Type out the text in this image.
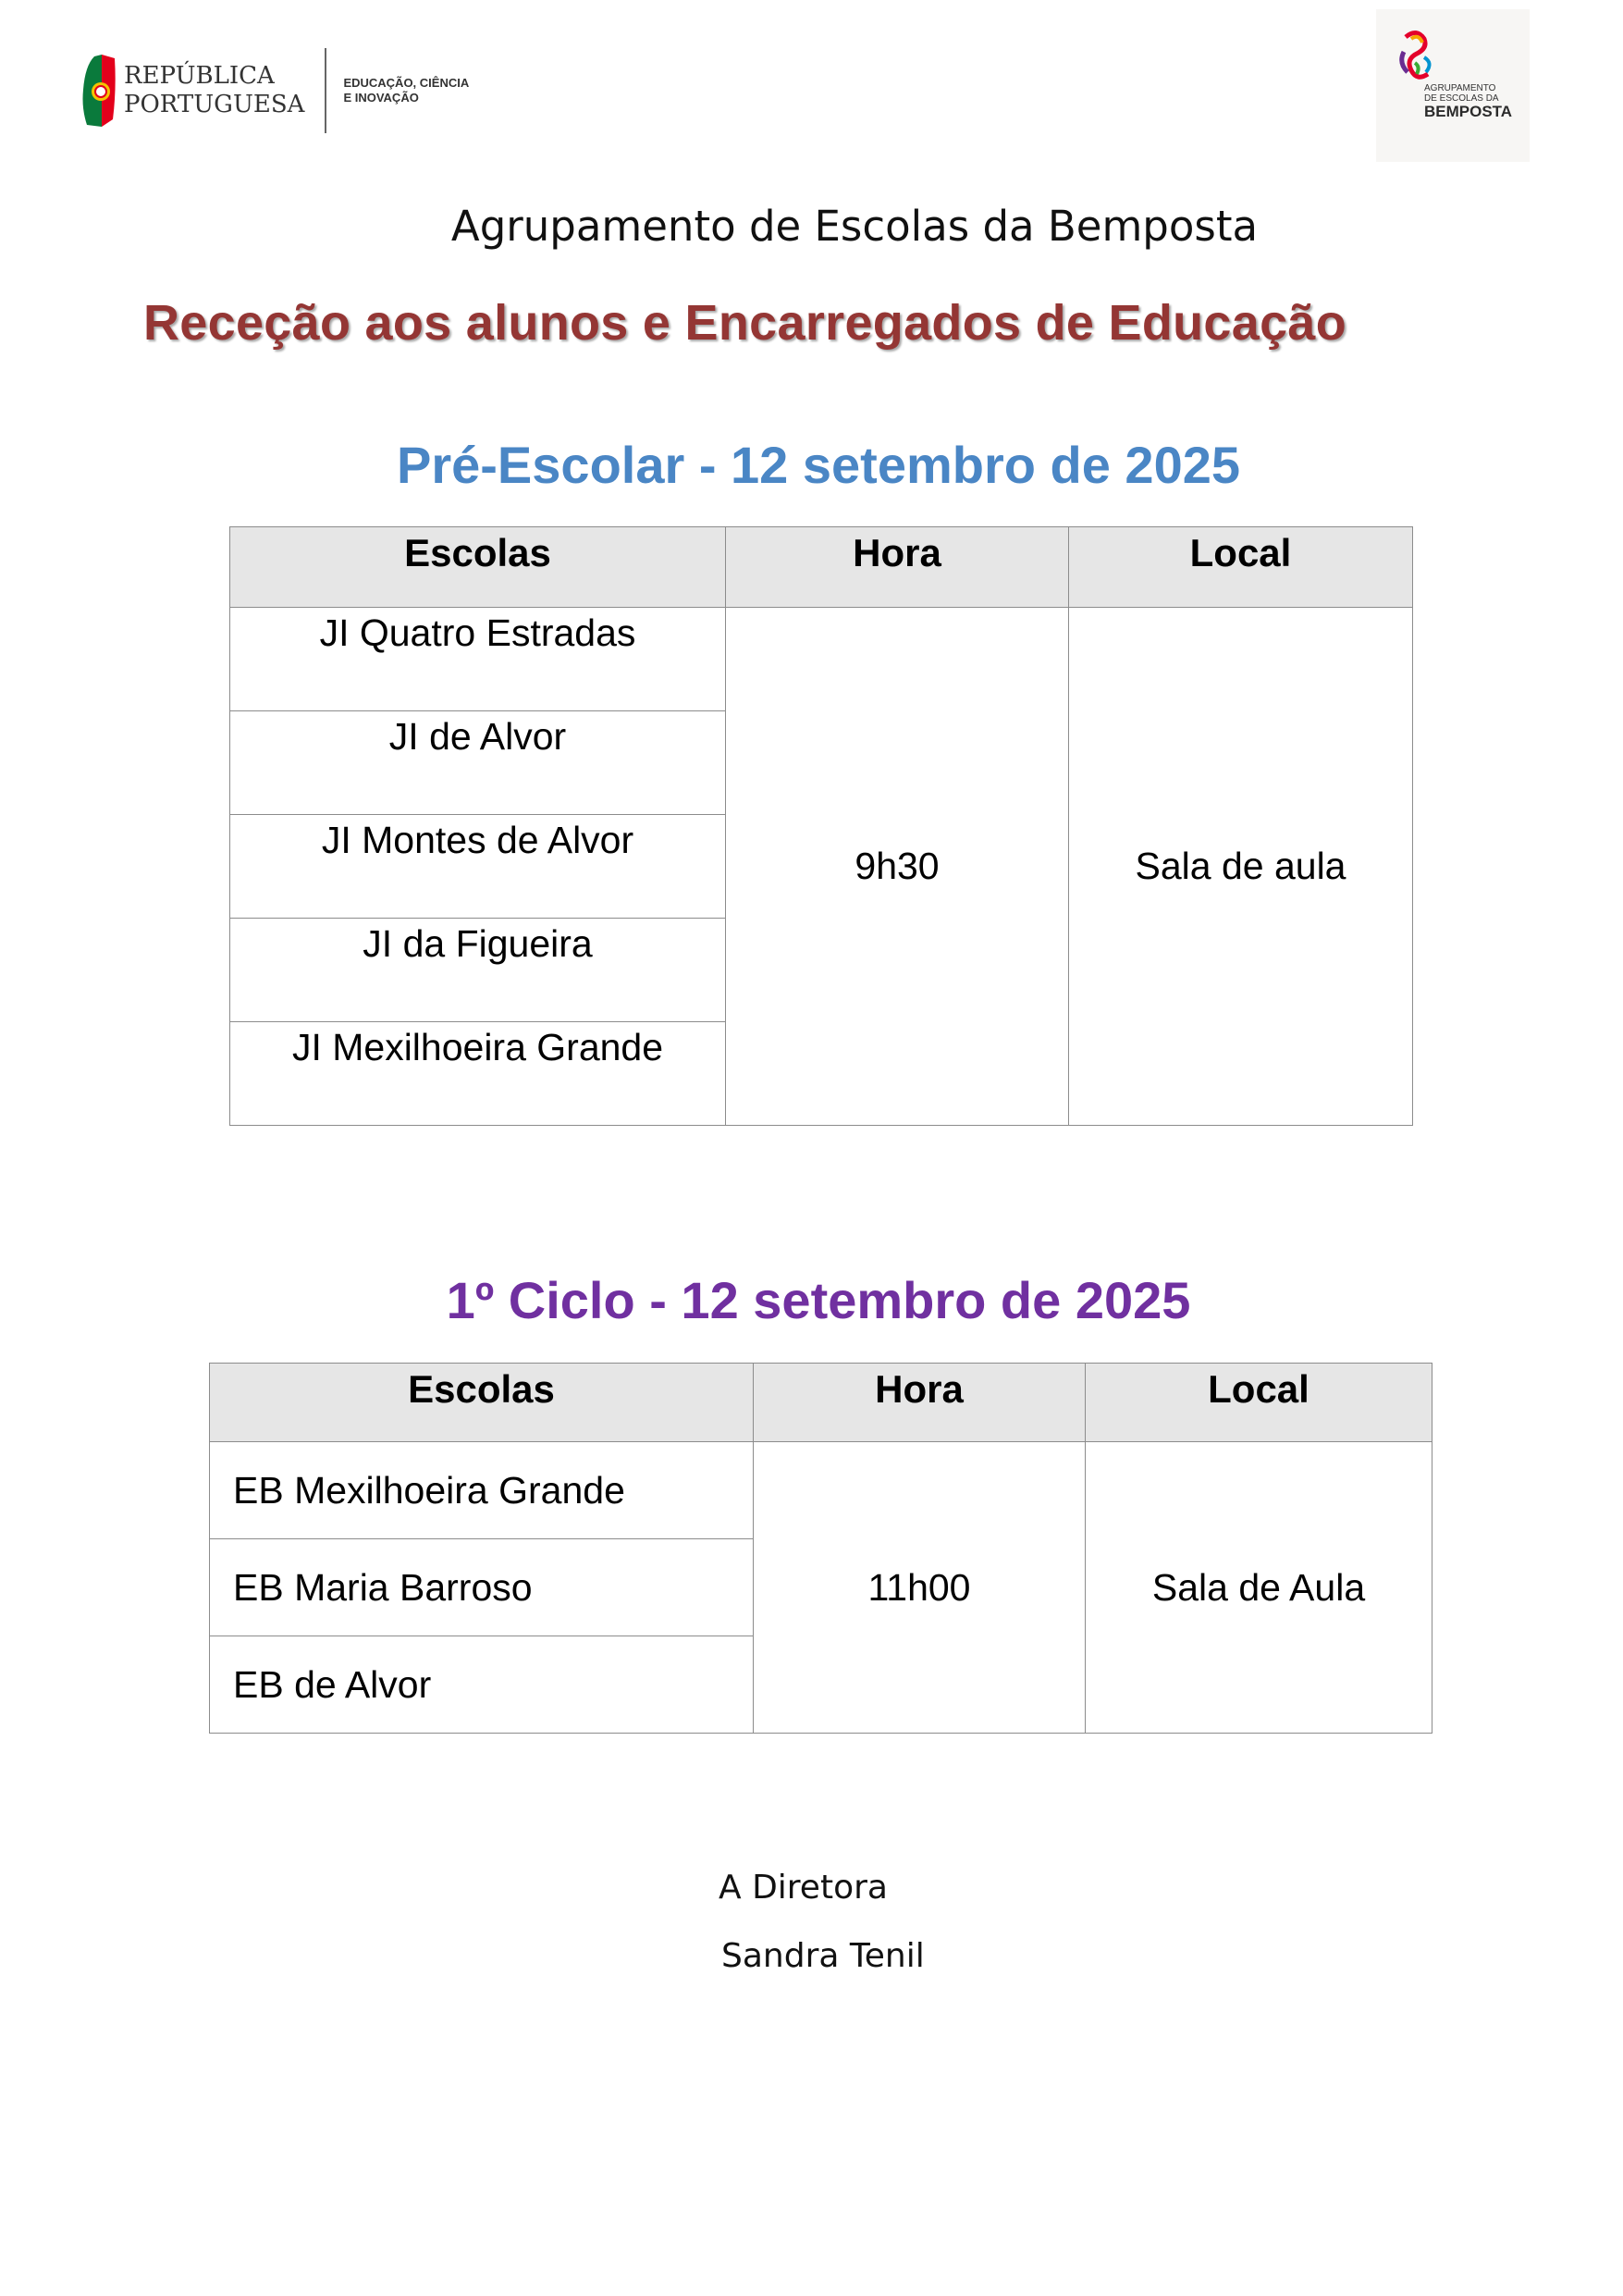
REPÚBLICA
PORTUGUESA
EDUCAÇÃO, CIÊNCIA
E INOVAÇÃO
AGRUPAMENTO
DE ESCOLAS DA
BEMPOSTA
Agrupamento de Escolas da Bemposta
Receção aos alunos e Encarregados de Educação
Pré-Escolar - 12 setembro de 2025
Escolas	Hora	Local
JI Quatro Estradas	9h30	Sala de aula
JI de Alvor		
JI Montes de Alvor		
JI da Figueira		
JI Mexilhoeira Grande		
1º Ciclo - 12 setembro de 2025
Escolas	Hora	Local
EB Mexilhoeira Grande	11h00	Sala de Aula
EB Maria Barroso		
EB de Alvor		
A Diretora
Sandra Tenil
